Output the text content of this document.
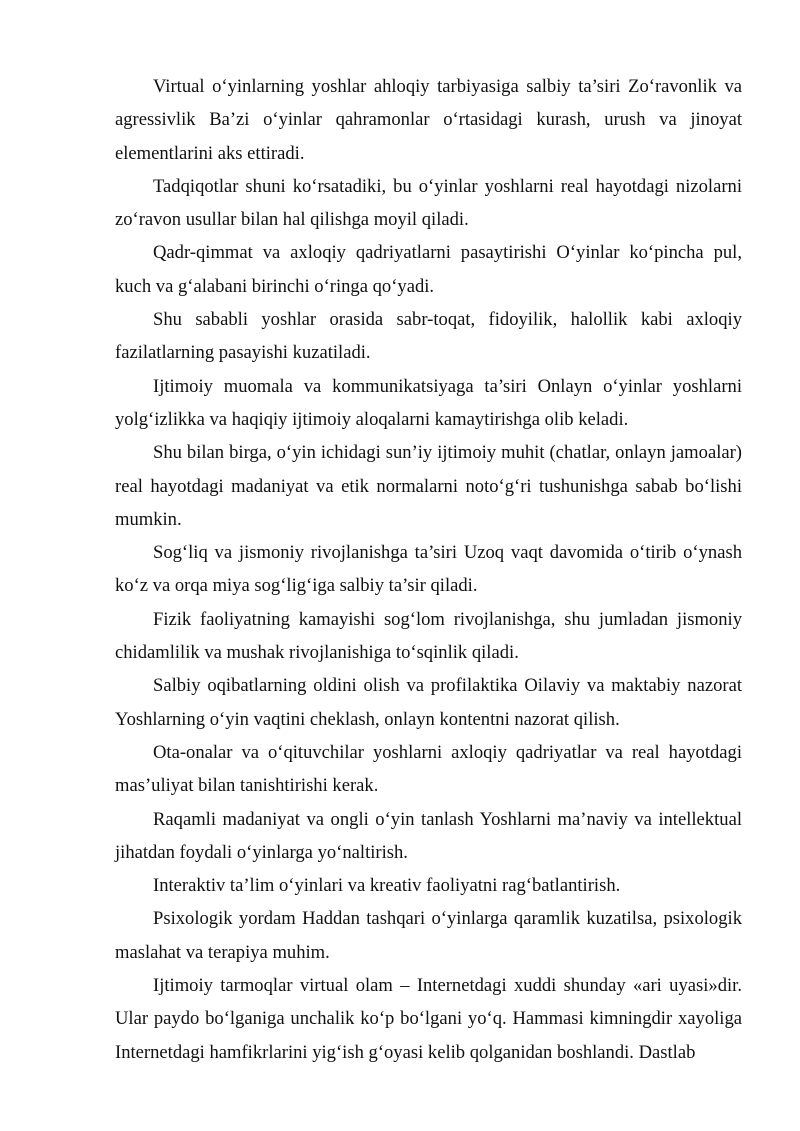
Virtual o‘yinlarning yoshlar ahloqiy tarbiyasiga salbiy ta’siri Zo‘ravonlik va agressivlik Ba’zi o‘yinlar qahramonlar o‘rtasidagi kurash, urush va jinoyat elementlarini aks ettiradi.

Tadqiqotlar shuni ko‘rsatadiki, bu o‘yinlar yoshlarni real hayotdagi nizolarni zo‘ravon usullar bilan hal qilishga moyil qiladi.

Qadr-qimmat va axloqiy qadriyatlarni pasaytirishi O‘yinlar ko‘pincha pul, kuch va g‘alabani birinchi o‘ringa qo‘yadi.

Shu sababli yoshlar orasida sabr-toqat, fidoyilik, halollik kabi axloqiy fazilatlarning pasayishi kuzatiladi.

Ijtimoiy muomala va kommunikatsiyaga ta’siri Onlayn o‘yinlar yoshlarni yolg‘izlikka va haqiqiy ijtimoiy aloqalarni kamaytirishga olib keladi.

Shu bilan birga, o‘yin ichidagi sun’iy ijtimoiy muhit (chatlar, onlayn jamoalar) real hayotdagi madaniyat va etik normalarni noto‘g‘ri tushunishga sabab bo‘lishi mumkin.

Sog‘liq va jismoniy rivojlanishga ta’siri Uzoq vaqt davomida o‘tirib o‘ynash ko‘z va orqa miya sog‘lig‘iga salbiy ta’sir qiladi.

Fizik faoliyatning kamayishi sog‘lom rivojlanishga, shu jumladan jismoniy chidamlilik va mushak rivojlanishiga to‘sqinlik qiladi.

Salbiy oqibatlarning oldini olish va profilaktika Oilaviy va maktabiy nazorat Yoshlarning o‘yin vaqtini cheklash, onlayn kontentni nazorat qilish.

Ota-onalar va o‘qituvchilar yoshlarni axloqiy qadriyatlar va real hayotdagi mas’uliyat bilan tanishtirishi kerak.

Raqamli madaniyat va ongli o‘yin tanlash Yoshlarni ma’naviy va intellektual jihatdan foydali o‘yinlarga yo‘naltirish.

Interaktiv ta’lim o‘yinlari va kreativ faoliyatni rag‘batlantirish.

Psixologik yordam Haddan tashqari o‘yinlarga qaramlik kuzatilsa, psixologik maslahat va terapiya muhim.

Ijtimoiy tarmoqlar virtual olam – Internetdagi xuddi shunday «ari uyasi»dir. Ular paydo bo‘lganiga unchalik ko‘p bo‘lgani yo‘q. Hammasi kimningdir xayoliga Internetdagi hamfikrlarini yig‘ish g‘oyasi kelib qolganidan boshlandi. Dastlab
